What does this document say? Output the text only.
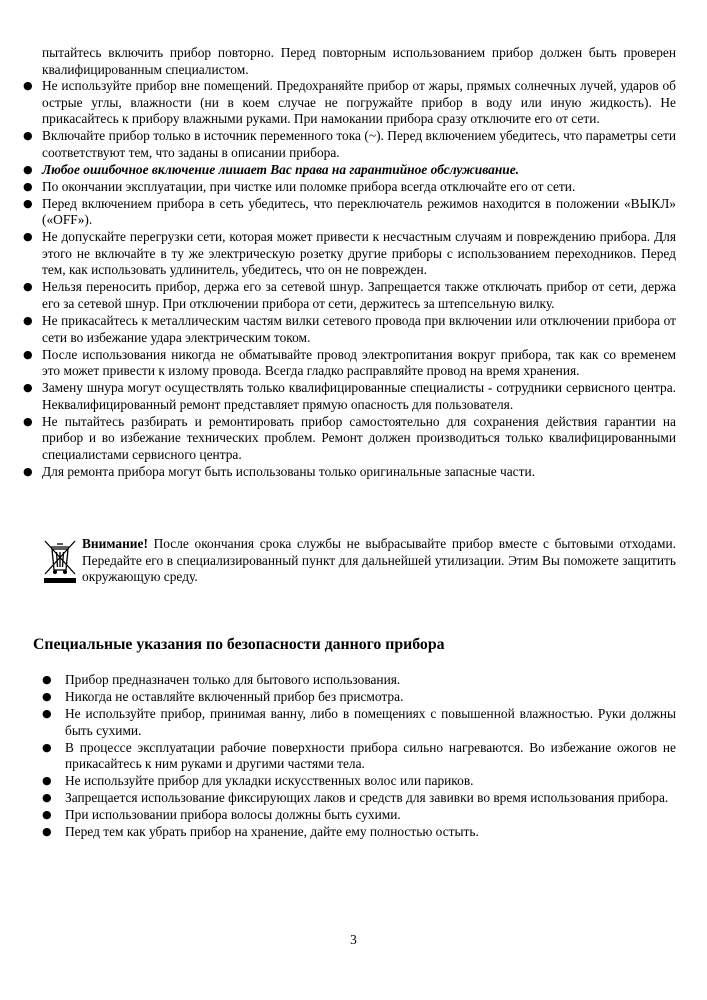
пытайтесь включить прибор повторно. Перед повторным использованием прибор должен быть проверен квалифицированным специалистом.

● Не используйте прибор вне помещений. Предохраняйте прибор от жары, прямых солнечных лучей, ударов об острые углы, влажности (ни в коем случае не погружайте прибор в воду или иную жидкость). Не прикасайтесь к прибору влажными руками. При намокании прибора сразу отключите его от сети.
● Включайте прибор только в источник переменного тока (~). Перед включением убедитесь, что параметры сети соответствуют тем, что заданы в описании прибора.
● Любое ошибочное включение лишает Вас права на гарантийное обслуживание.
● По окончании эксплуатации, при чистке или поломке прибора всегда отключайте его от сети.
● Перед включением прибора в сеть убедитесь, что переключатель режимов находится в положении «ВЫКЛ» («OFF»).
● Не допускайте перегрузки сети, которая может привести к несчастным случаям и повреждению прибора. Для этого не включайте в ту же электрическую розетку другие приборы с использованием переходников. Перед тем, как использовать удлинитель, убедитесь, что он не поврежден.
● Нельзя переносить прибор, держа его за сетевой шнур. Запрещается также отключать прибор от сети, держа его за сетевой шнур. При отключении прибора от сети, держитесь за штепсельную вилку.
● Не прикасайтесь к металлическим частям вилки сетевого провода при включении или отключении прибора от сети во избежание удара электрическим током.
● После использования никогда не обматывайте провод электропитания вокруг прибора, так как со временем это может привести к излому провода. Всегда гладко расправляйте провод на время хранения.
● Замену шнура могут осуществлять только квалифицированные специалисты - сотрудники сервисного центра. Неквалифицированный ремонт представляет прямую опасность для пользователя.
● Не пытайтесь разбирать и ремонтировать прибор самостоятельно для сохранения действия гарантии на прибор и во избежание технических проблем. Ремонт должен производиться только квалифицированными специалистами сервисного центра.
● Для ремонта прибора могут быть использованы только оригинальные запасные части.

Внимание! После окончания срока службы не выбрасывайте прибор вместе с бытовыми отходами. Передайте его в специализированный пункт для дальнейшей утилизации. Этим Вы поможете защитить окружающую среду.

Специальные указания по безопасности данного прибора
● Прибор предназначен только для бытового использования.
● Никогда не оставляйте включенный прибор без присмотра.
● Не используйте прибор, принимая ванну, либо в помещениях с повышенной влажностью. Руки должны быть сухими.
● В процессе эксплуатации рабочие поверхности прибора сильно нагреваются. Во избежание ожогов не прикасайтесь к ним руками и другими частями тела.
● Не используйте прибор для укладки искусственных волос или париков.
● Запрещается использование фиксирующих лаков и средств для завивки во время использования прибора.
● При использовании прибора волосы должны быть сухими.
● Перед тем как убрать прибор на хранение, дайте ему полностью остыть.

3
